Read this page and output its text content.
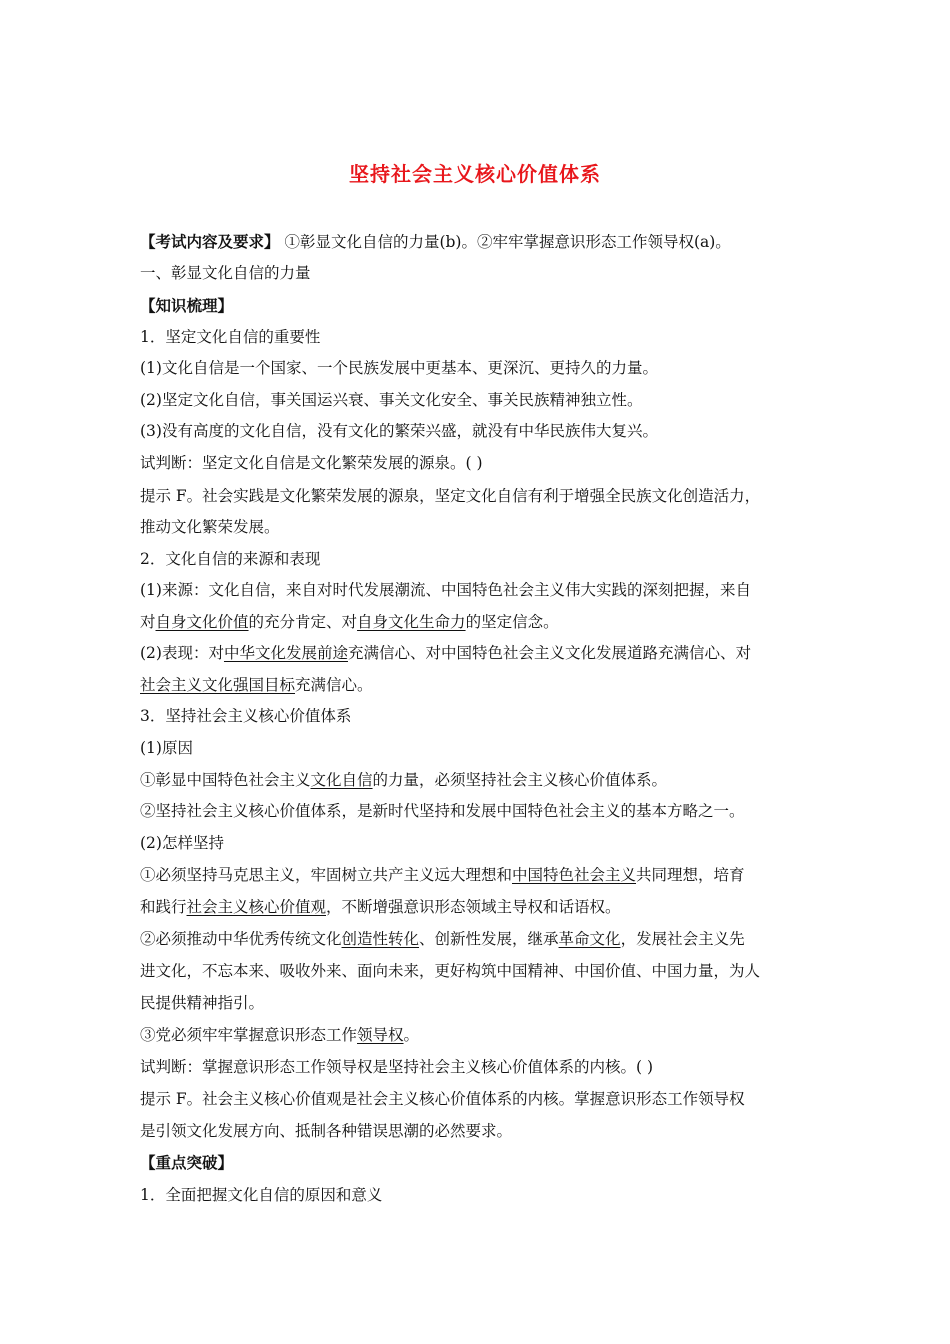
坚持社会主义核心价值体系
【考试内容及要求】 ①彰显文化自信的力量(b)。②牢牢掌握意识形态工作领导权(a)。
一、彰显文化自信的力量
【知识梳理】
1．坚定文化自信的重要性
(1)文化自信是一个国家、一个民族发展中更基本、更深沉、更持久的力量。
(2)坚定文化自信，事关国运兴衰、事关文化安全、事关民族精神独立性。
(3)没有高度的文化自信，没有文化的繁荣兴盛，就没有中华民族伟大复兴。
试判断：坚定文化自信是文化繁荣发展的源泉。( )
提示 F。社会实践是文化繁荣发展的源泉，坚定文化自信有利于增强全民族文化创造活力，
推动文化繁荣发展。
2．文化自信的来源和表现
(1)来源：文化自信，来自对时代发展潮流、中国特色社会主义伟大实践的深刻把握，来自
对自身文化价值的充分肯定、对自身文化生命力的坚定信念。
(2)表现：对中华文化发展前途充满信心、对中国特色社会主义文化发展道路充满信心、对
社会主义文化强国目标充满信心。
3．坚持社会主义核心价值体系
(1)原因
①彰显中国特色社会主义文化自信的力量，必须坚持社会主义核心价值体系。
②坚持社会主义核心价值体系，是新时代坚持和发展中国特色社会主义的基本方略之一。
(2)怎样坚持
①必须坚持马克思主义，牢固树立共产主义远大理想和中国特色社会主义共同理想，培育
和践行社会主义核心价值观，不断增强意识形态领域主导权和话语权。
②必须推动中华优秀传统文化创造性转化、创新性发展，继承革命文化，发展社会主义先
进文化，不忘本来、吸收外来、面向未来，更好构筑中国精神、中国价值、中国力量，为人
民提供精神指引。
③党必须牢牢掌握意识形态工作领导权。
试判断：掌握意识形态工作领导权是坚持社会主义核心价值体系的内核。( )
提示 F。社会主义核心价值观是社会主义核心价值体系的内核。掌握意识形态工作领导权
是引领文化发展方向、抵制各种错误思潮的必然要求。
【重点突破】
1．全面把握文化自信的原因和意义
